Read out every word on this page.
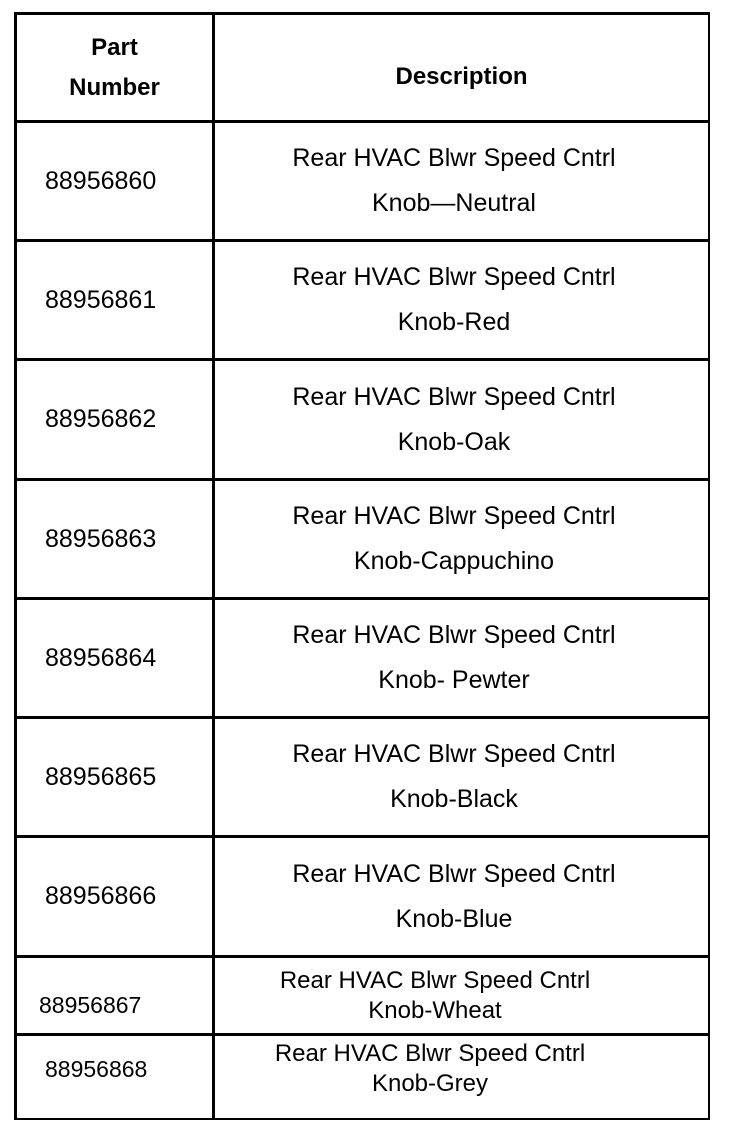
Part
Number	Description
88956860
Rear HVAC Blwr Speed Cntrl
Knob—Neutral
88956861
Rear HVAC Blwr Speed Cntrl
Knob-Red
88956862
Rear HVAC Blwr Speed Cntrl
Knob-Oak
88956863
Rear HVAC Blwr Speed Cntrl
Knob-Cappuchino
88956864
Rear HVAC Blwr Speed Cntrl
Knob- Pewter
88956865
Rear HVAC Blwr Speed Cntrl
Knob-Black
88956866
Rear HVAC Blwr Speed Cntrl
Knob-Blue
88956867
Rear HVAC Blwr Speed Cntrl
Knob-Wheat
88956868
Rear HVAC Blwr Speed Cntrl
Knob-Grey
